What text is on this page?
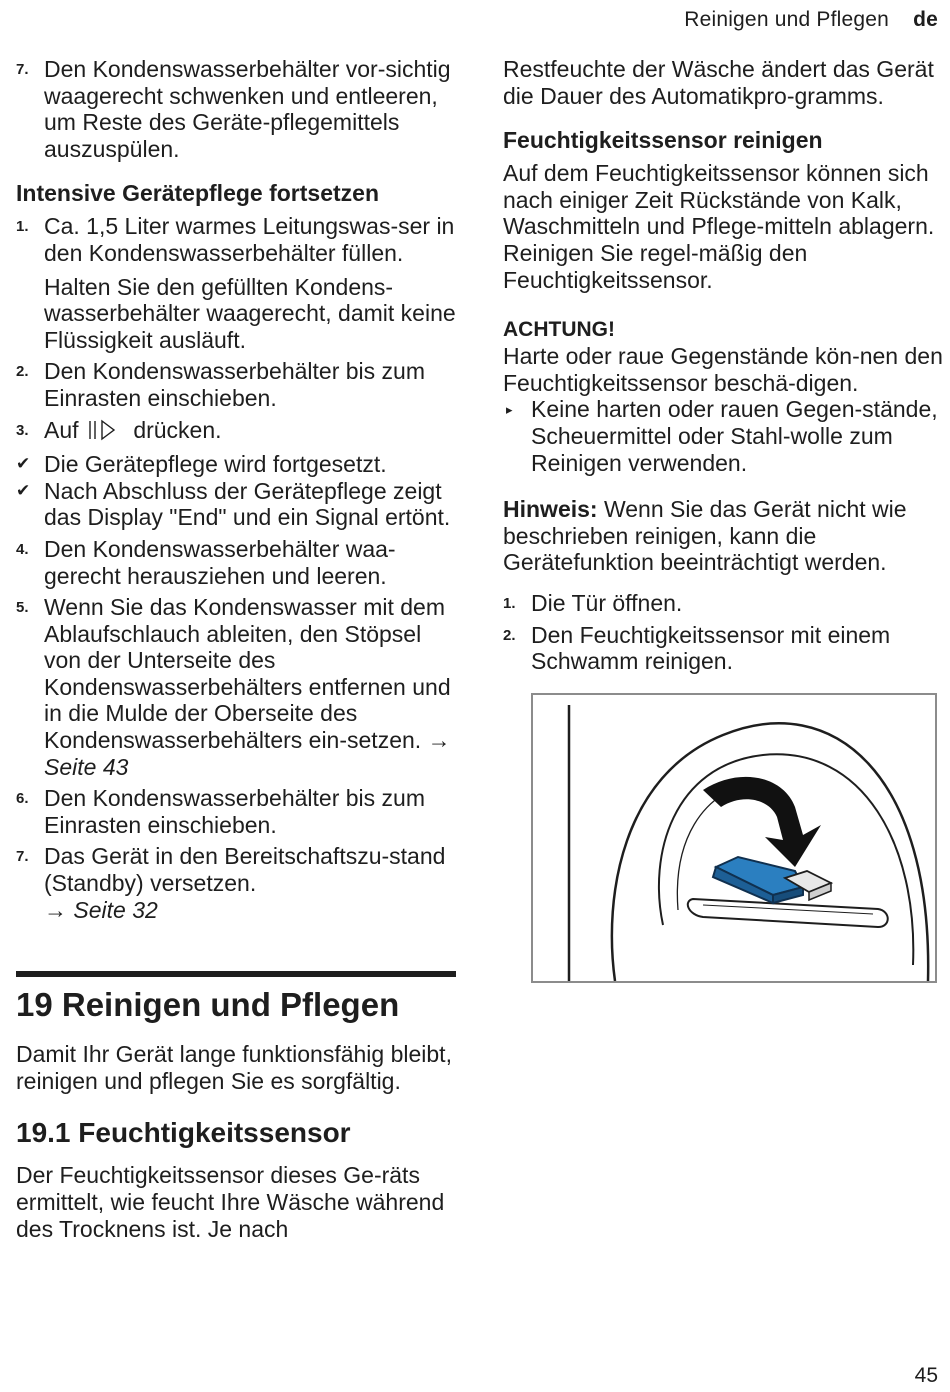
Reinigen und Pflegen de
7. Den Kondenswasserbehälter vor-sichtig waagerecht schwenken und entleeren, um Reste des Geräte-pflegemittels auszuspülen.
Intensive Gerätepflege fortsetzen
1. Ca. 1,5 Liter warmes Leitungswas-ser in den Kondenswasserbehälter füllen.

Halten Sie den gefüllten Kondens-wasserbehälter waagerecht, damit keine Flüssigkeit ausläuft.

2. Den Kondenswasserbehälter bis zum Einrasten einschieben.
3. Auf drücken.
✔ Die Gerätepflege wird fortgesetzt.
✔ Nach Abschluss der Gerätepflege zeigt das Display "End" und ein Signal ertönt.
4. Den Kondenswasserbehälter waa-gerecht herausziehen und leeren.
5. Wenn Sie das Kondenswasser mit dem Ablaufschlauch ableiten, den Stöpsel von der Unterseite des Kondenswasserbehälters entfernen und in die Mulde der Oberseite des Kondenswasserbehälters ein-setzen. → Seite 43
6. Den Kondenswasserbehälter bis zum Einrasten einschieben.
7. Das Gerät in den Bereitschaftszu-stand (Standby) versetzen.
→ Seite 32
19 Reinigen und Pflegen

Damit Ihr Gerät lange funktionsfähig bleibt, reinigen und pflegen Sie es sorgfältig.

19.1 Feuchtigkeitssensor

Der Feuchtigkeitssensor dieses Ge-räts ermittelt, wie feucht Ihre Wäsche während des Trocknens ist. Je nach

Restfeuchte der Wäsche ändert das Gerät die Dauer des Automatikpro-gramms.

Feuchtigkeitssensor reinigen

Auf dem Feuchtigkeitssensor können sich nach einiger Zeit Rückstände von Kalk, Waschmitteln und Pflege-mitteln ablagern. Reinigen Sie regel-mäßig den Feuchtigkeitssensor.

ACHTUNG!

Harte oder raue Gegenstände kön-nen den Feuchtigkeitssensor beschä-digen.

▸ Keine harten oder rauen Gegen-stände, Scheuermittel oder Stahl-wolle zum Reinigen verwenden.

Hinweis: Wenn Sie das Gerät nicht wie beschrieben reinigen, kann die Gerätefunktion beeinträchtigt werden.

1. Die Tür öffnen.
2. Den Feuchtigkeitssensor mit einem Schwamm reinigen.
45
